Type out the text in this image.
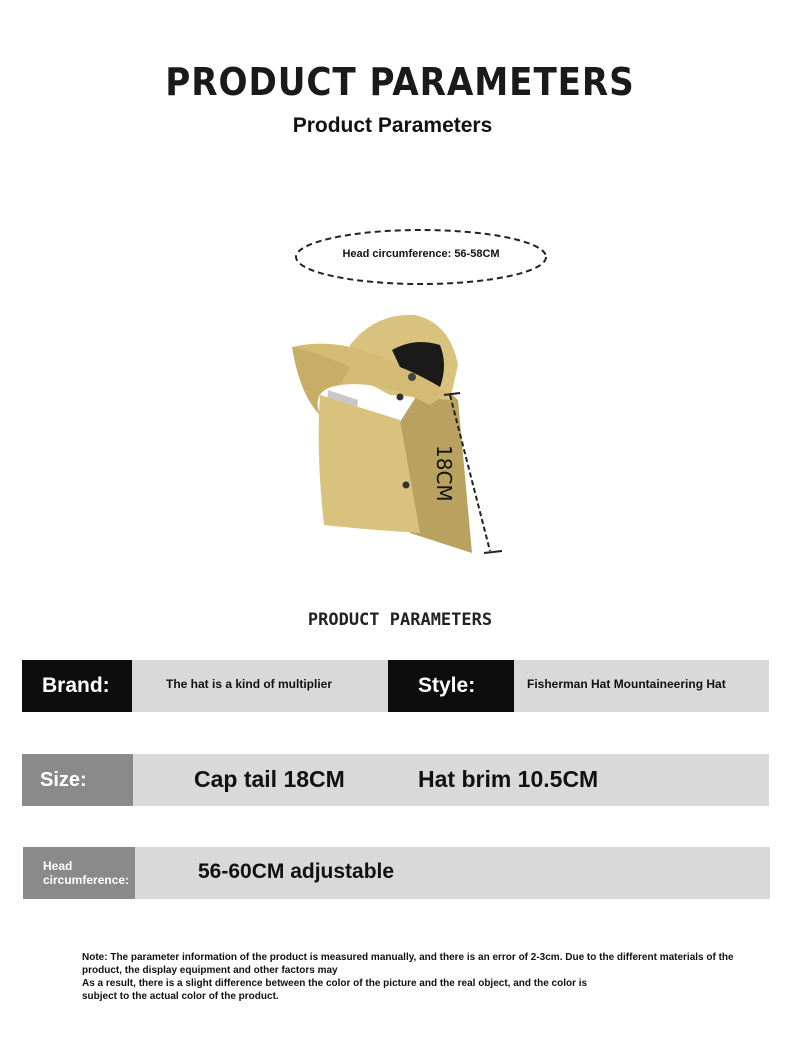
PRODUCT PARAMETERS
Product Parameters
Head circumference: 56-58CM
18CM
PRODUCT PARAMETERS
Brand:	The hat is a kind of multiplier	Style:	Fisherman Hat Mountaineering Hat
Size:	Cap tail 18CM	Hat brim 10.5CM
Head
circumference:	56-60CM adjustable
Note: The parameter information of the product is measured manually, and there is an error of 2-3cm. Due to the different materials of the product, the display equipment and other factors may
As a result, there is a slight difference between the color of the picture and the real object, and the color is subject to the actual color of the product.
